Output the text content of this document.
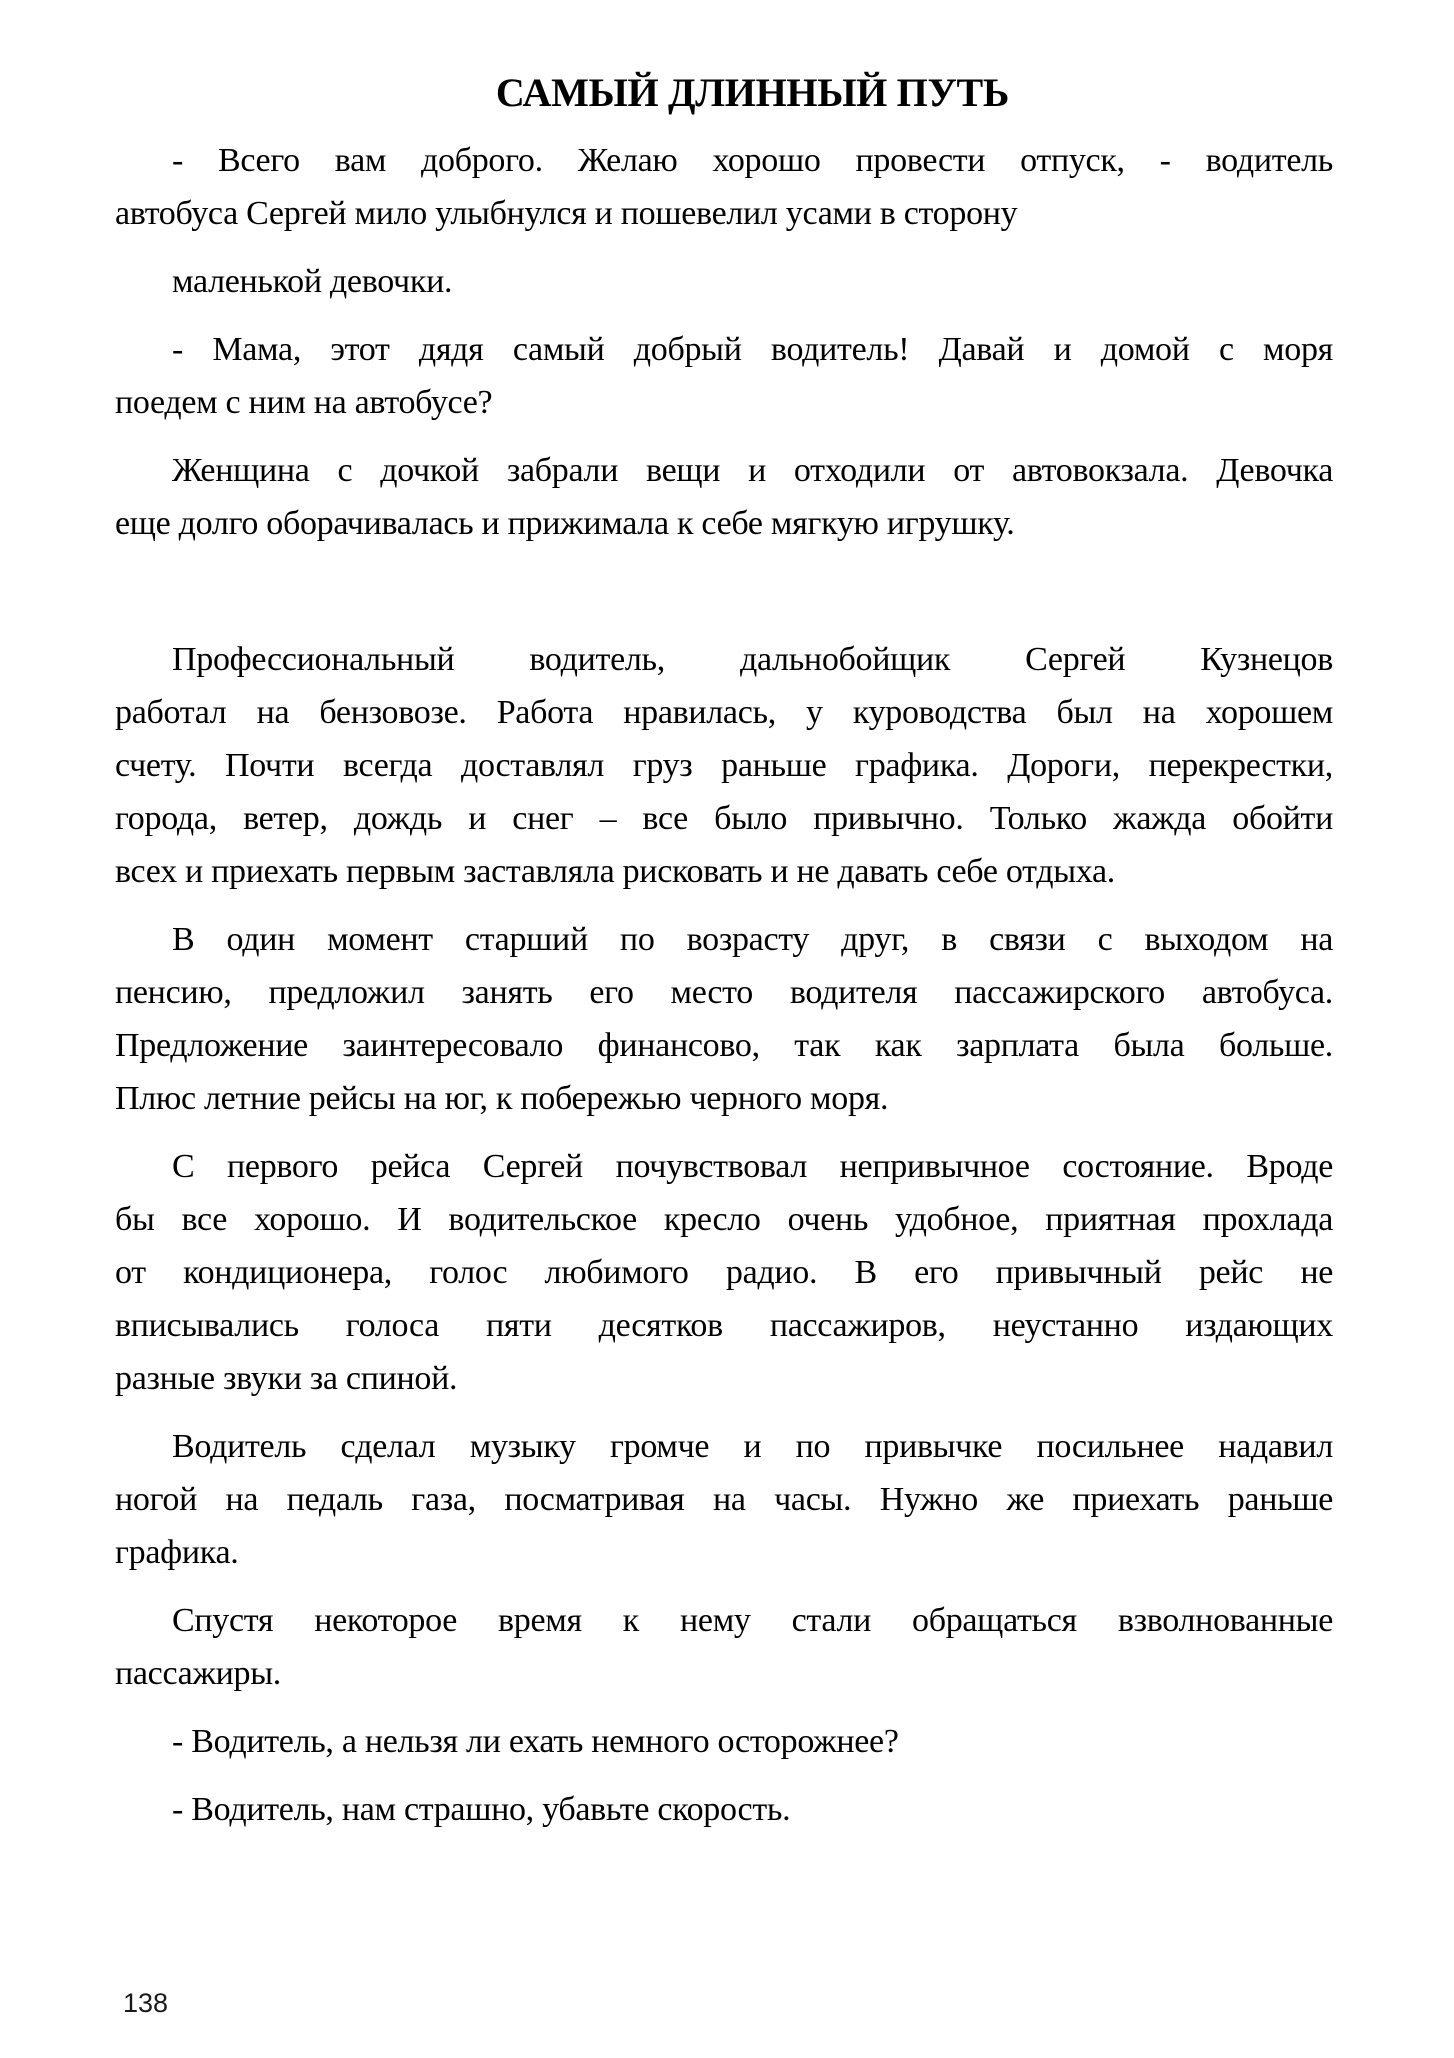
САМЫЙ ДЛИННЫЙ ПУТЬ

- Всего вам доброго. Желаю хорошо провести отпуск, - водитель
автобуса Сергей мило улыбнулся и пошевелил усами в сторону

маленькой девочки.

- Мама, этот дядя самый добрый водитель! Давай и домой с моря
поедем с ним на автобусе?

Женщина с дочкой забрали вещи и отходили от автовокзала. Девочка
еще долго оборачивалась и прижимала к себе мягкую игрушку.

Профессиональный водитель, дальнобойщик Сергей Кузнецов
работал на бензовозе. Работа нравилась, у куроводства был на хорошем
счету. Почти всегда доставлял груз раньше графика. Дороги, перекрестки,
города, ветер, дождь и снег – все было привычно. Только жажда обойти
всех и приехать первым заставляла рисковать и не давать себе отдыха.

В один момент старший по возрасту друг, в связи с выходом на
пенсию, предложил занять его место водителя пассажирского автобуса.
Предложение заинтересовало финансово, так как зарплата была больше.
Плюс летние рейсы на юг, к побережью черного моря.

С первого рейса Сергей почувствовал непривычное состояние. Вроде
бы все хорошо. И водительское кресло очень удобное, приятная прохлада
от кондиционера, голос любимого радио. В его привычный рейс не
вписывались голоса пяти десятков пассажиров, неустанно издающих
разные звуки за спиной.

Водитель сделал музыку громче и по привычке посильнее надавил
ногой на педаль газа, посматривая на часы. Нужно же приехать раньше
графика.

Спустя некоторое время к нему стали обращаться взволнованные
пассажиры.

- Водитель, а нельзя ли ехать немного осторожнее?

- Водитель, нам страшно, убавьте скорость.

138
